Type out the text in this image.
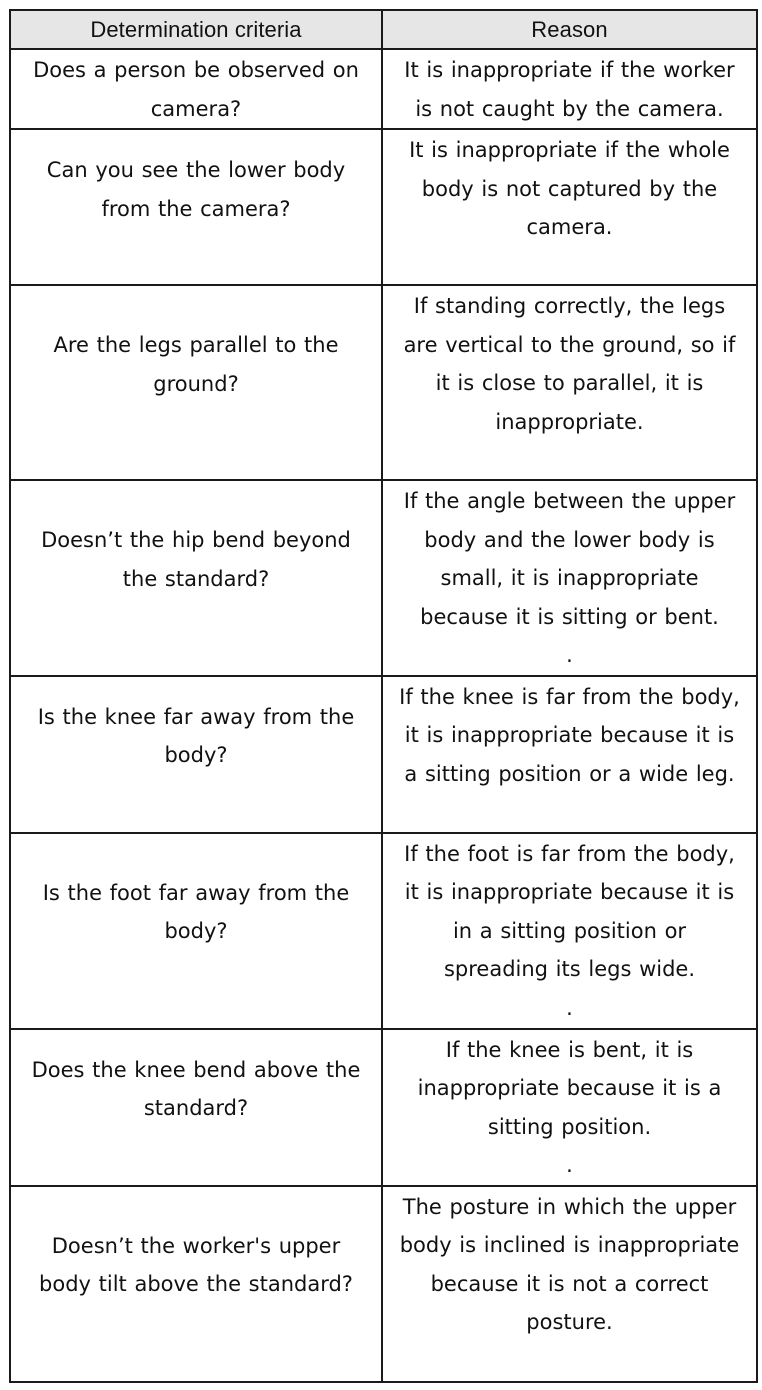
Determination criteria	Reason

Does a person be observed on
camera?	It is inappropriate if the worker
is not caught by the camera.

Can you see the lower body
from the camera?	It is inappropriate if the whole
body is not captured by the
camera.

Are the legs parallel to the
ground?	If standing correctly, the legs
are vertical to the ground, so if
it is close to parallel, it is
inappropriate.

Doesn’t the hip bend beyond
the standard?	If the angle between the upper
body and the lower body is
small, it is inappropriate
because it is sitting or bent.
.

Is the knee far away from the
body?	If the knee is far from the body,
it is inappropriate because it is
a sitting position or a wide leg.

Is the foot far away from the
body?	If the foot is far from the body,
it is inappropriate because it is
in a sitting position or
spreading its legs wide.
.

Does the knee bend above the
standard?	If the knee is bent, it is
inappropriate because it is a
sitting position.
.

Doesn’t the worker's upper
body tilt above the standard?	The posture in which the upper
body is inclined is inappropriate
because it is not a correct
posture.
